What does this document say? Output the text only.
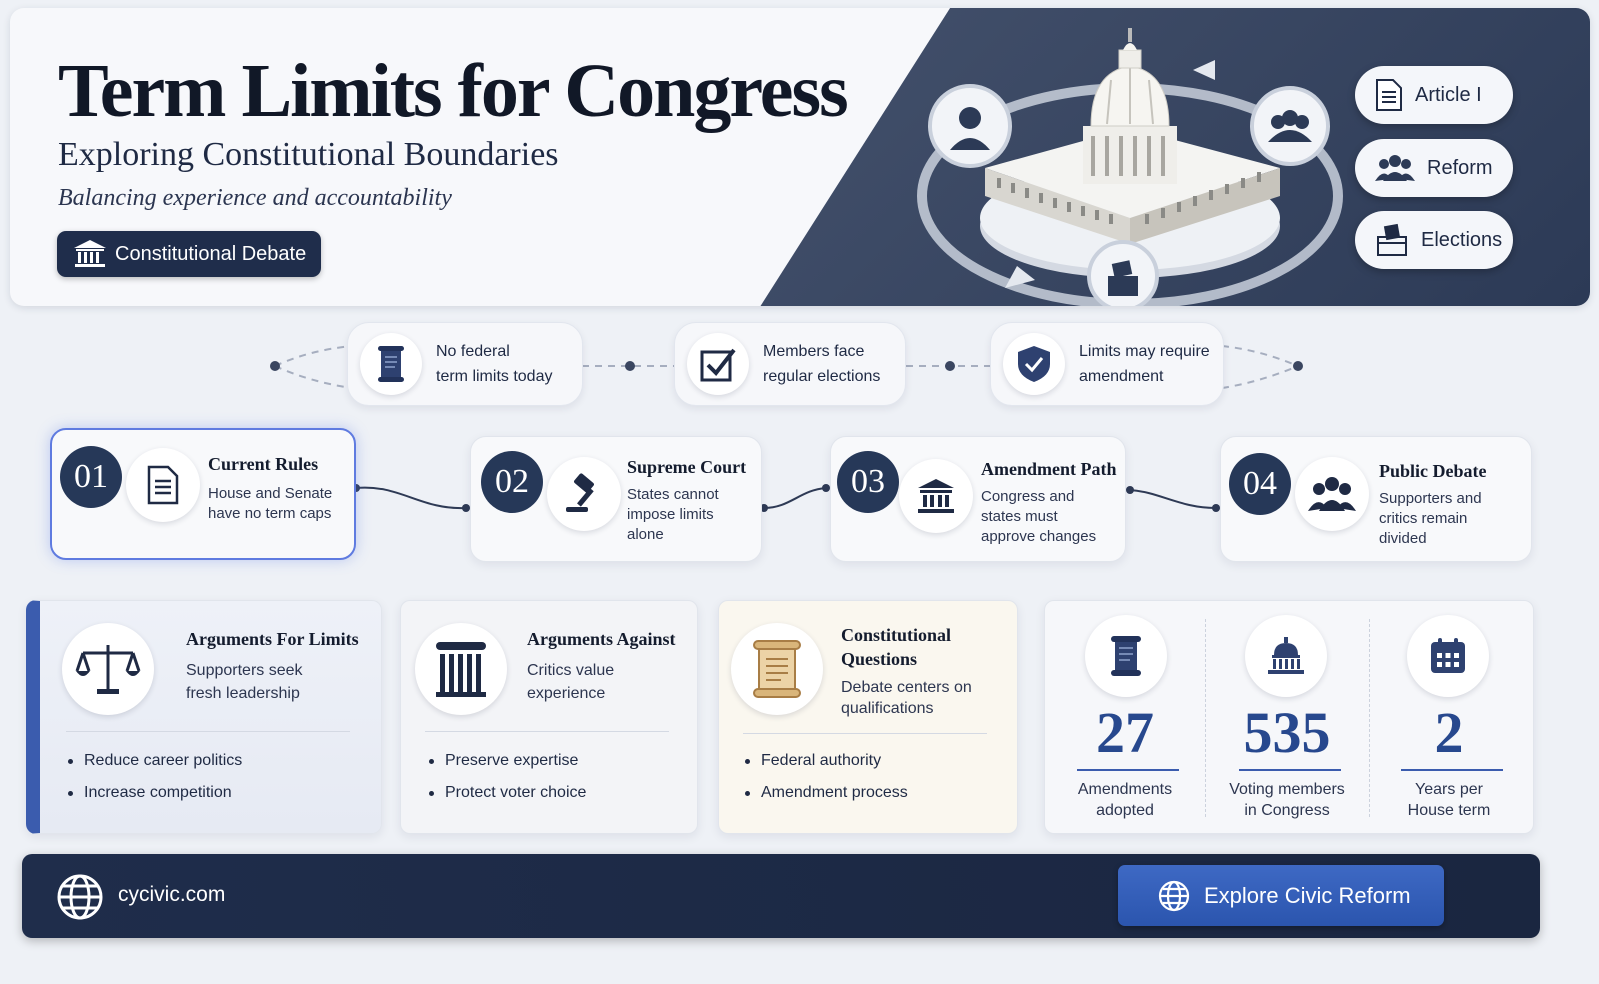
Term Limits for Congress
Exploring Constitutional Boundaries
Balancing experience and accountability
Constitutional Debate
Article I
Reform
Elections
No federal
term limits today
Members face
regular elections
Limits may require
amendment
01	Current Rules
House and Senate have no term caps
02	Supreme Court
States cannot impose limits alone
03	Amendment Path
Congress and states must approve changes
04	Public Debate
Supporters and critics remain divided
Arguments For Limits
Supporters seek fresh leadership
Reduce career politics
Increase competition
Arguments Against
Critics value experience
Preserve expertise
Protect voter choice
Constitutional Questions
Debate centers on qualifications
Federal authority
Amendment process
27
Amendments
adopted
535
Voting members
in Congress
2
Years per
House term
cycivic.com	Explore Civic Reform
